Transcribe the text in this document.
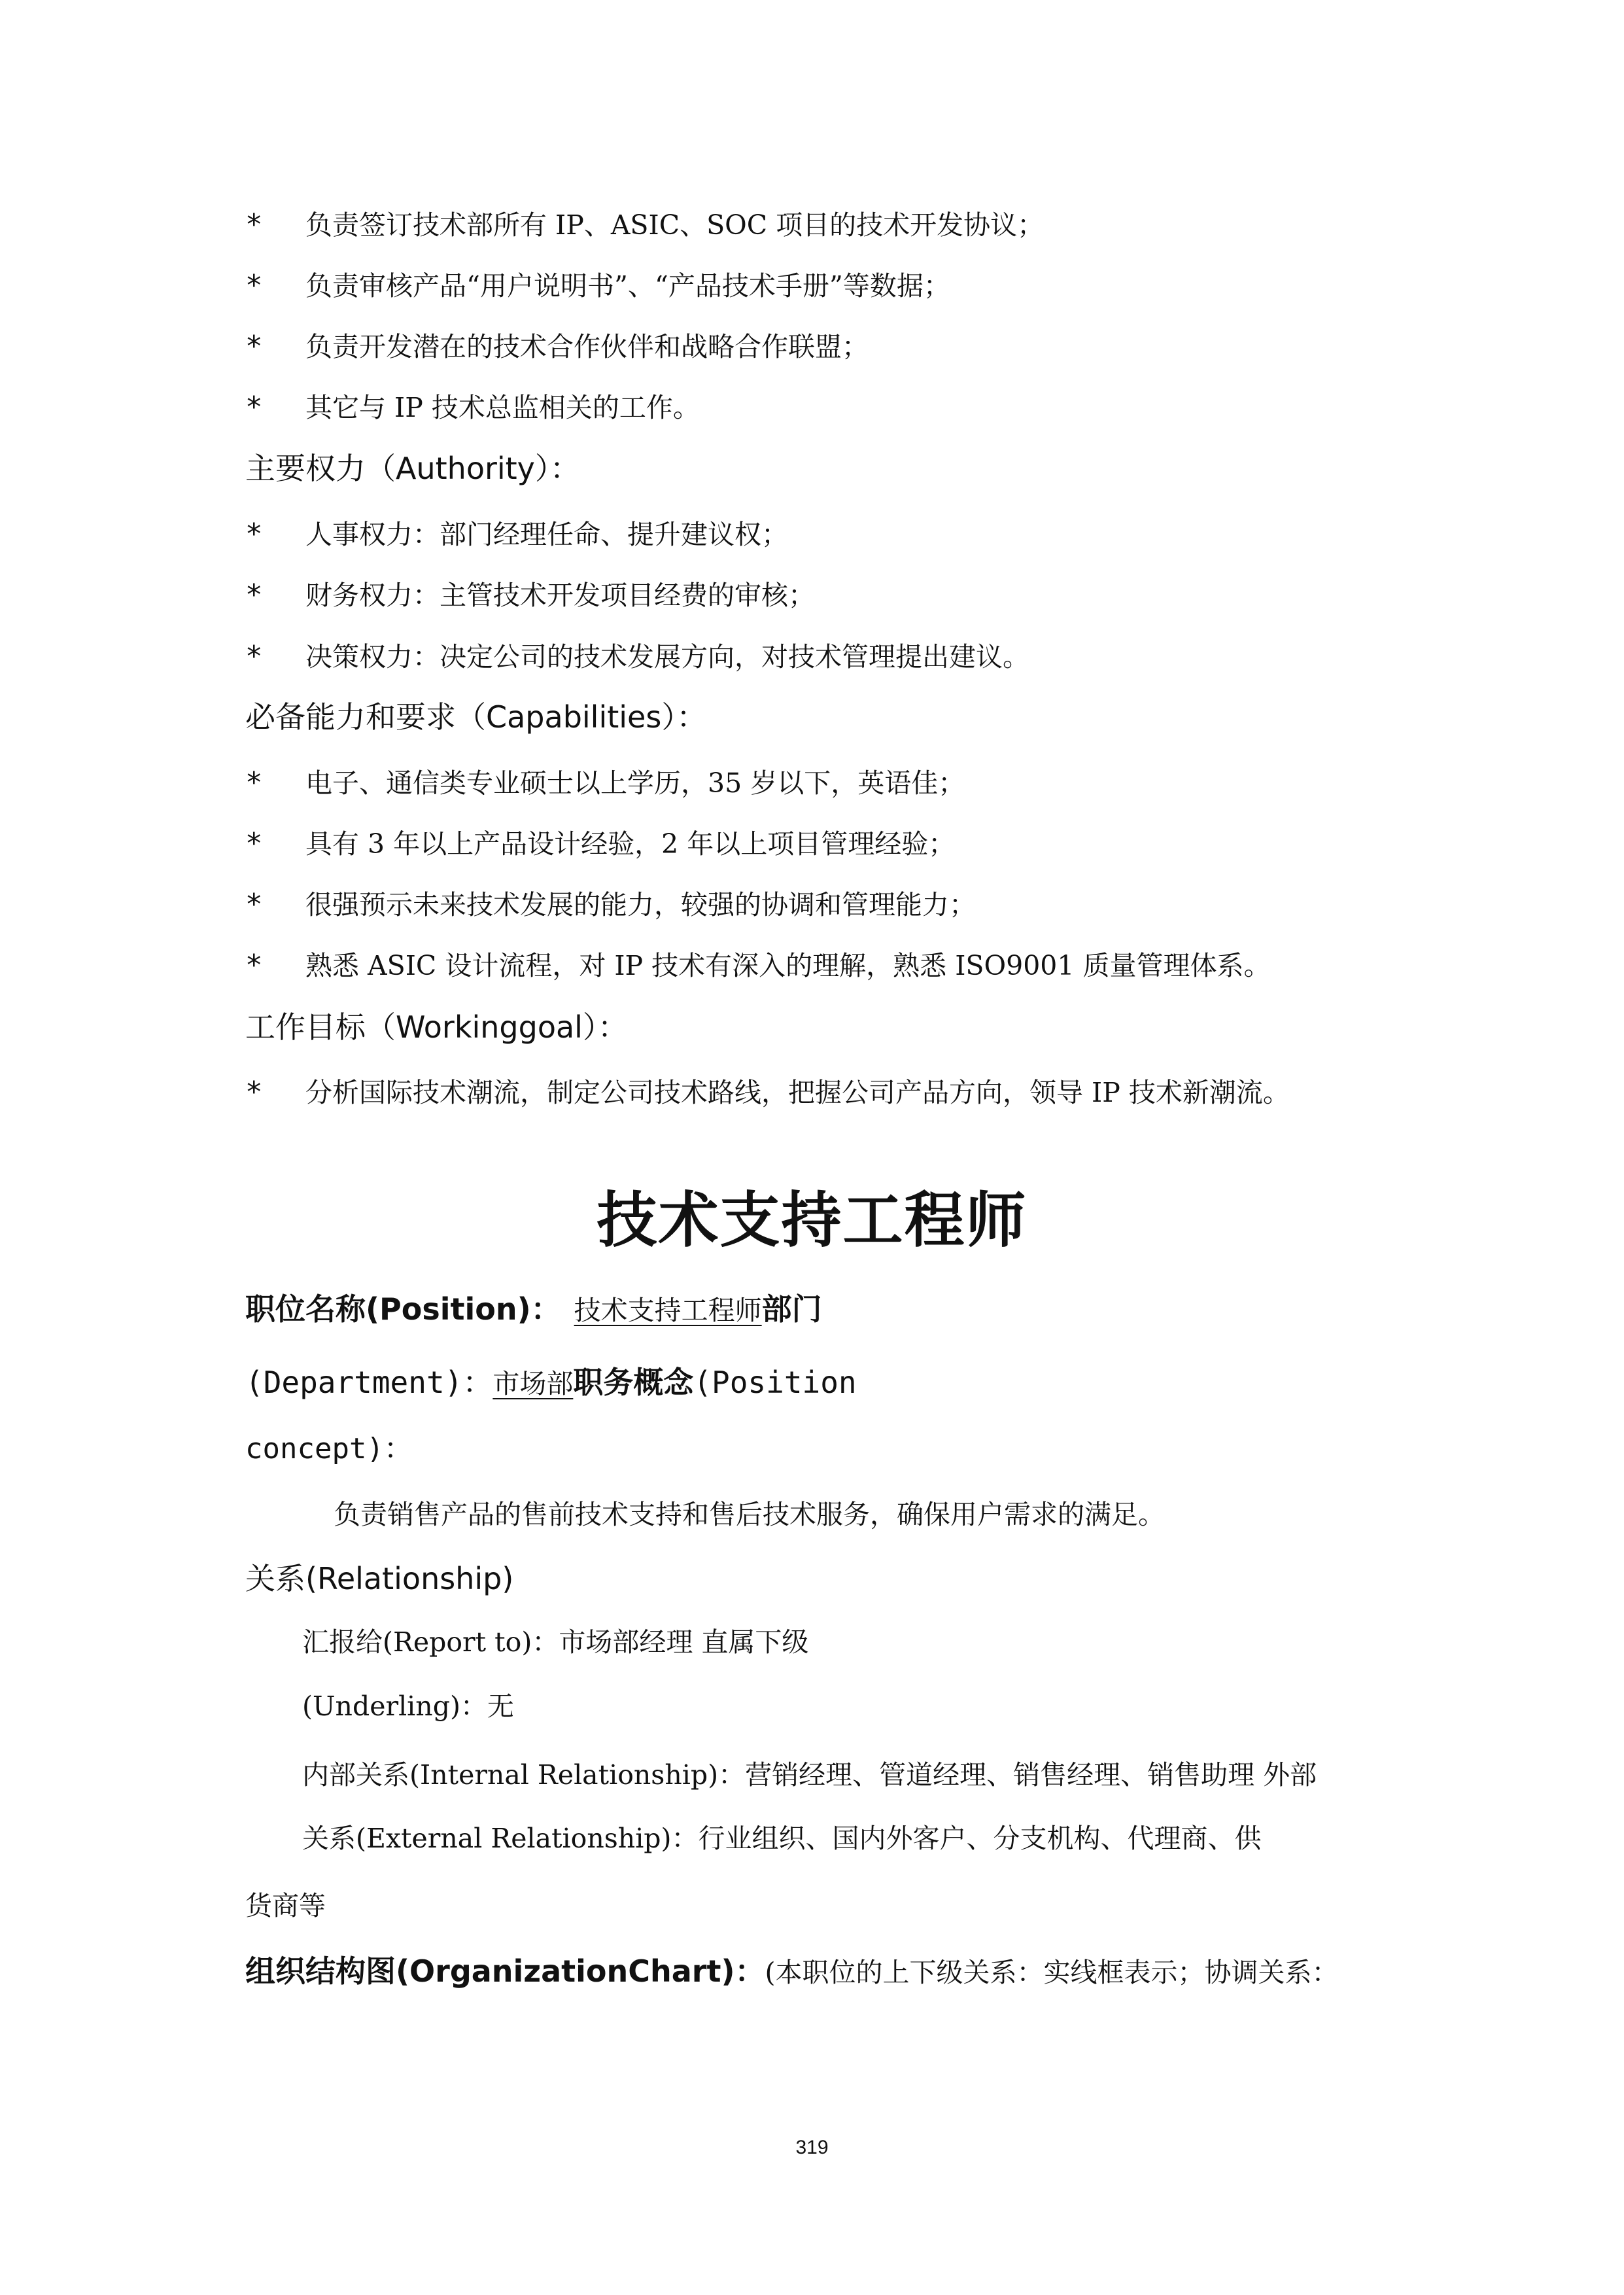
* 负责签订技术部所有 IP、ASIC、SOC 项目的技术开发协议；
* 负责审核产品“用户说明书”、“产品技术手册”等数据；
* 负责开发潜在的技术合作伙伴和战略合作联盟；
* 其它与 IP 技术总监相关的工作。
主要权力（Authority）：
* 人事权力：部门经理任命、提升建议权；
* 财务权力：主管技术开发项目经费的审核；
* 决策权力：决定公司的技术发展方向，对技术管理提出建议。
必备能力和要求（Capabilities）：
* 电子、通信类专业硕士以上学历，35 岁以下，英语佳；
* 具有 3 年以上产品设计经验，2 年以上项目管理经验；
* 很强预示未来技术发展的能力，较强的协调和管理能力；
* 熟悉 ASIC 设计流程，对 IP 技术有深入的理解，熟悉 ISO9001 质量管理体系。
工作目标（Workinggoal）：
* 分析国际技术潮流，制定公司技术路线，把握公司产品方向，领导 IP 技术新潮流。
技术支持工程师
职位名称(Position)： 技术支持工程师部门
(Department)：市场部职务概念(Position
concept)：
负责销售产品的售前技术支持和售后技术服务，确保用户需求的满足。
关系(Relationship)
汇报给(Report to)：市场部经理 直属下级
(Underling)：无
内部关系(Internal Relationship)：营销经理、管道经理、销售经理、销售助理 外部
关系(External Relationship)：行业组织、国内外客户、分支机构、代理商、供
货商等
组织结构图(OrganizationChart)：(本职位的上下级关系：实线框表示；协调关系：
319
